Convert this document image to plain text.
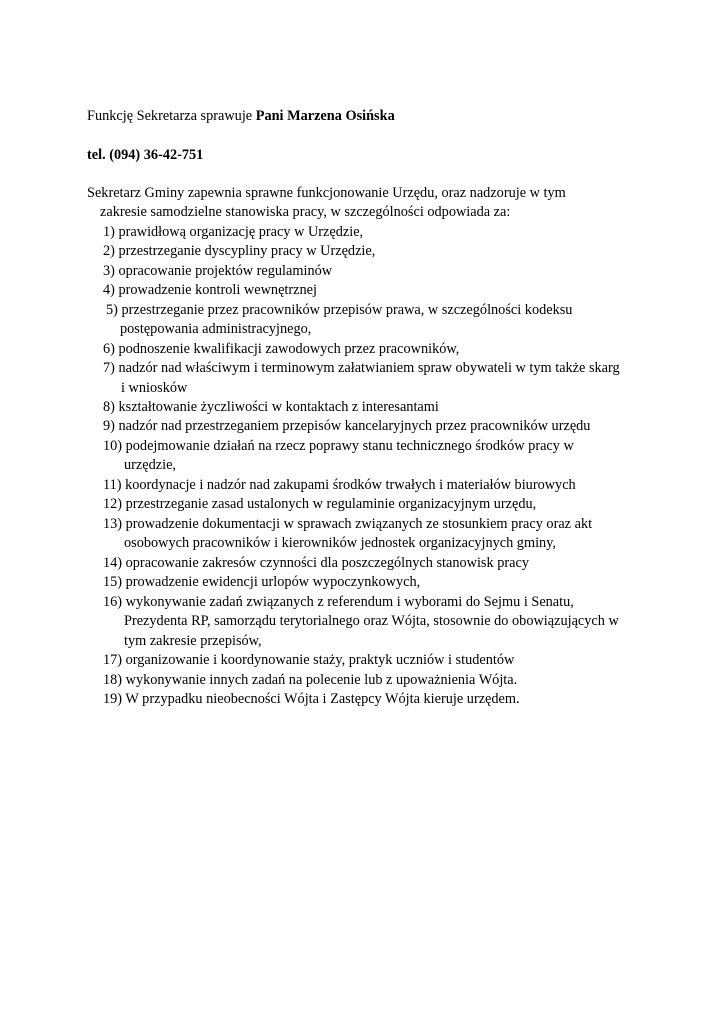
Funkcję Sekretarza sprawuje Pani Marzena Osińska
tel. (094) 36-42-751
Sekretarz Gminy zapewnia sprawne funkcjonowanie Urzędu, oraz nadzoruje w tym
zakresie samodzielne stanowiska pracy, w szczególności odpowiada za:
1) prawidłową organizację pracy w Urzędzie,
2) przestrzeganie dyscypliny pracy w Urzędzie,
3) opracowanie projektów regulaminów
4) prowadzenie kontroli wewnętrznej
5) przestrzeganie przez pracowników przepisów prawa, w szczególności kodeksu
postępowania administracyjnego,
6) podnoszenie kwalifikacji zawodowych przez pracowników,
7) nadzór nad właściwym i terminowym załatwianiem spraw obywateli w tym także skarg
i wniosków
8) kształtowanie życzliwości w kontaktach z interesantami
9) nadzór nad przestrzeganiem przepisów kancelaryjnych przez pracowników urzędu
10) podejmowanie działań na rzecz poprawy stanu technicznego środków pracy w
urzędzie,
11) koordynacje i nadzór nad zakupami środków trwałych i materiałów biurowych
12) przestrzeganie zasad ustalonych w regulaminie organizacyjnym urzędu,
13) prowadzenie dokumentacji w sprawach związanych ze stosunkiem pracy oraz akt
osobowych pracowników i kierowników jednostek organizacyjnych gminy,
14) opracowanie zakresów czynności dla poszczególnych stanowisk pracy
15) prowadzenie ewidencji urlopów wypoczynkowych,
16) wykonywanie zadań związanych z referendum i wyborami do Sejmu i Senatu,
Prezydenta RP, samorządu terytorialnego oraz Wójta, stosownie do obowiązujących w
tym zakresie przepisów,
17) organizowanie i koordynowanie staży, praktyk uczniów i studentów
18) wykonywanie innych zadań na polecenie lub z upoważnienia Wójta.
19) W przypadku nieobecności Wójta i Zastępcy Wójta kieruje urzędem.
